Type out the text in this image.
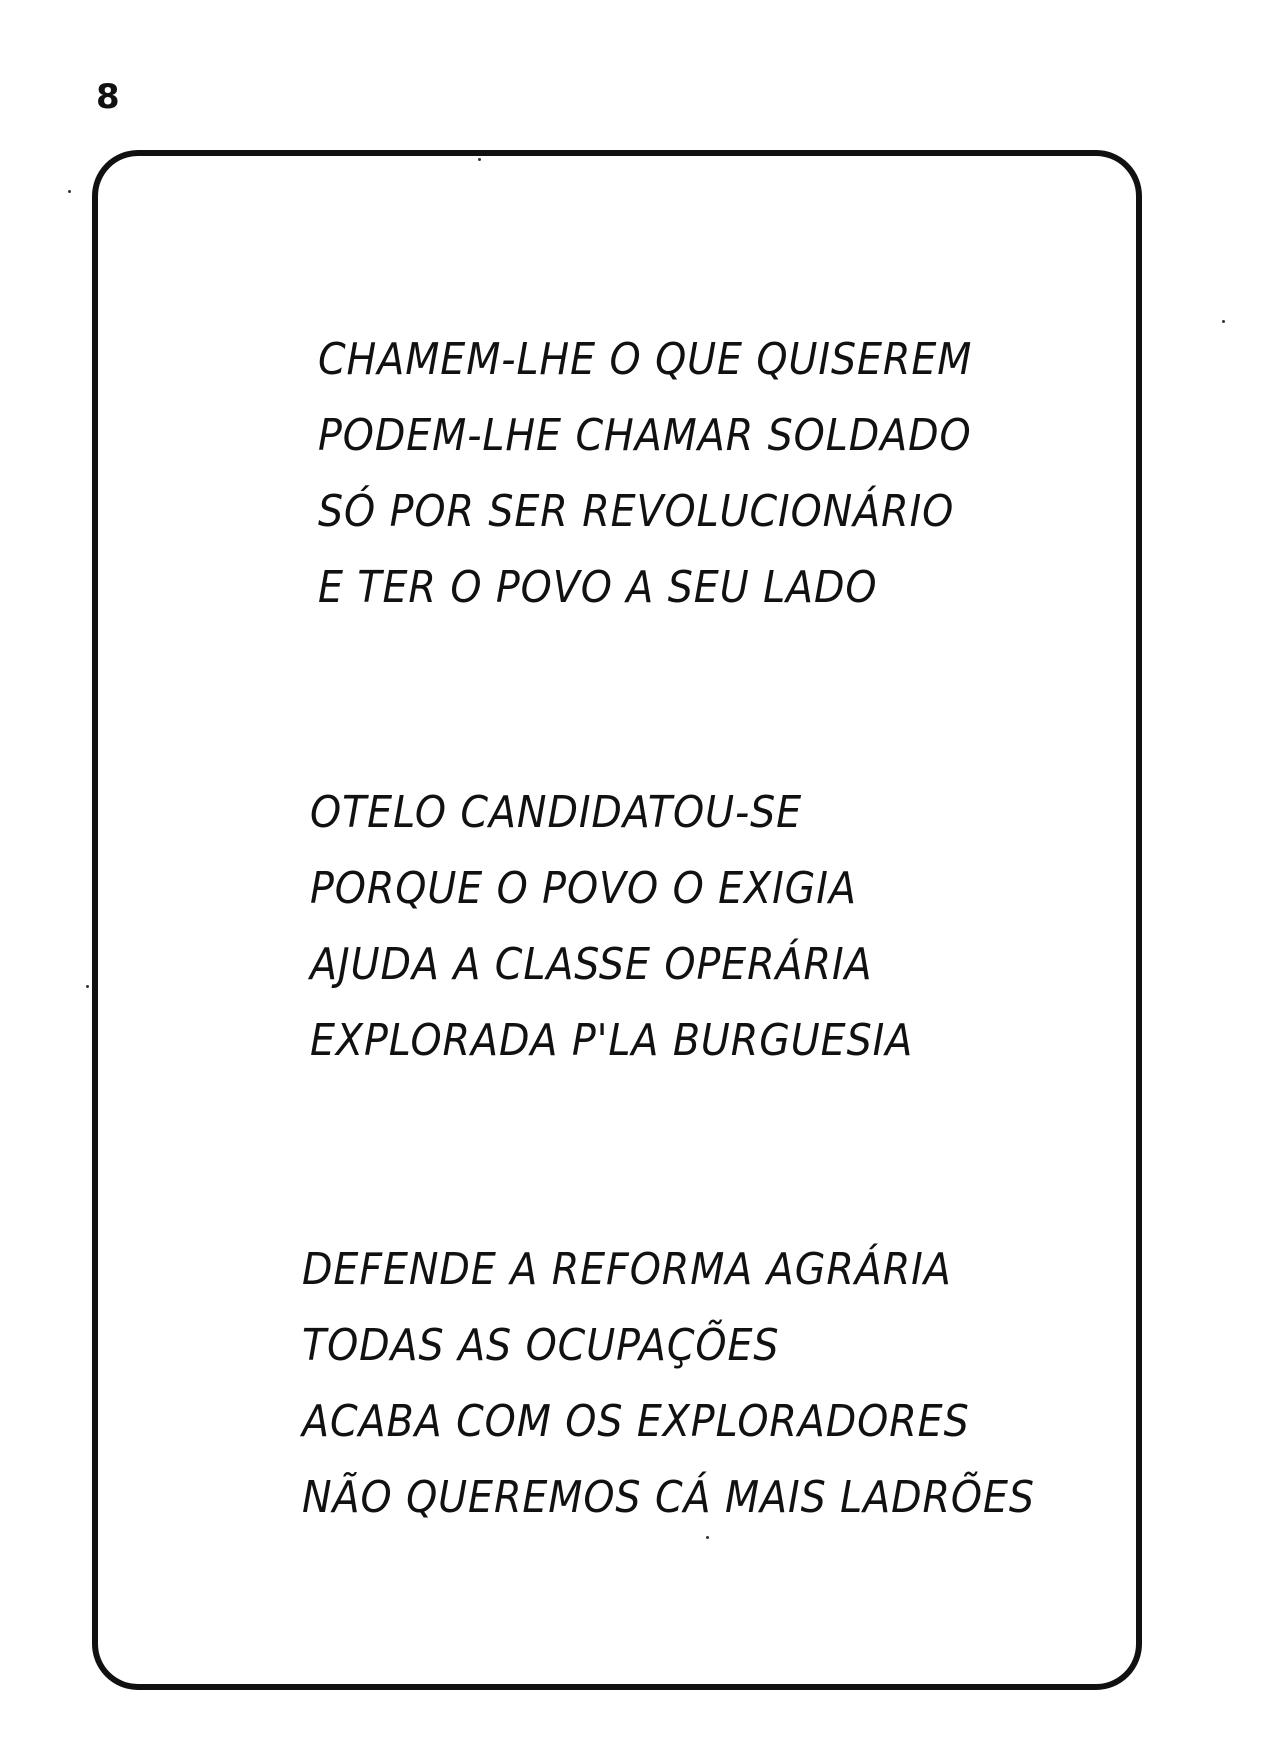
8
CHAMEM-LHE O QUE QUISEREM
PODEM-LHE CHAMAR SOLDADO
SÓ POR SER REVOLUCIONÁRIO
E TER O POVO A SEU LADO
OTELO CANDIDATOU-SE
PORQUE O POVO O EXIGIA
AJUDA A CLASSE OPERÁRIA
EXPLORADA P'LA BURGUESIA
DEFENDE A REFORMA AGRÁRIA
TODAS AS OCUPAÇÕES
ACABA COM OS EXPLORADORES
NÃO QUEREMOS CÁ MAIS LADRÕES
